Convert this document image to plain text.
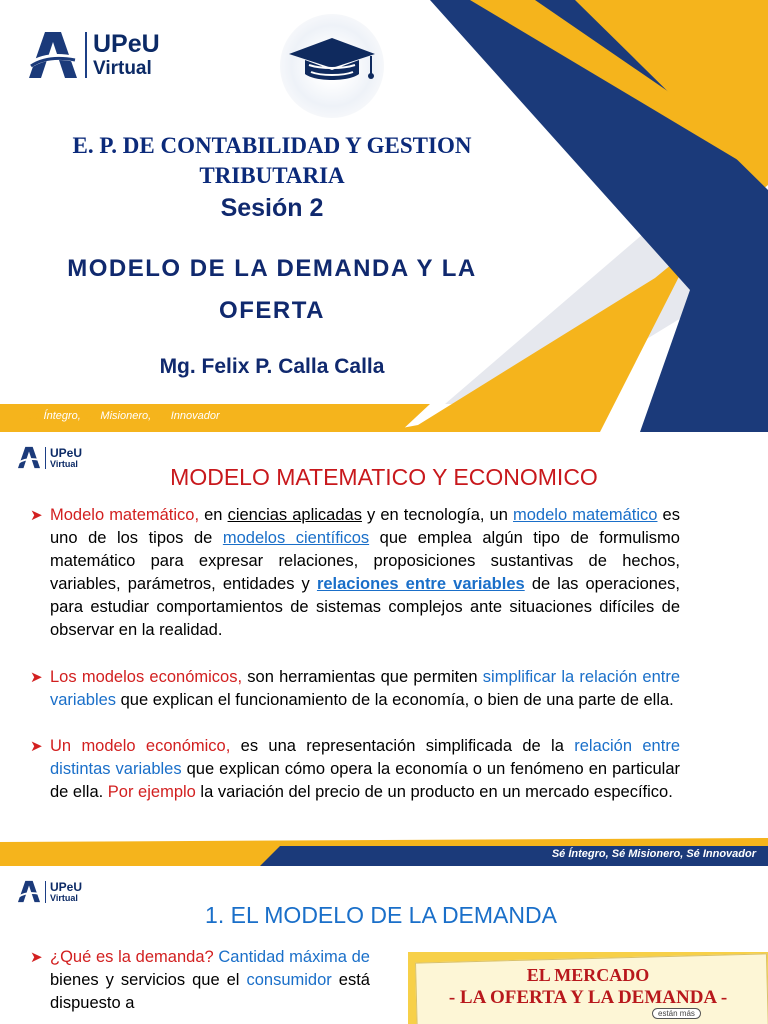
UPeU
Virtual
E. P. DE CONTABILIDAD Y GESTION TRIBUTARIA
Sesión 2
MODELO DE LA DEMANDA Y LA OFERTA
Mg. Felix P. Calla Calla
Sé Íntegro, Sé Misionero, Sé Innovador
UPeU
Virtual
MODELO MATEMATICO Y ECONOMICO
➤ Modelo matemático, en ciencias aplicadas y en tecnología, un modelo matemático es uno de los tipos de modelos científicos que emplea algún tipo de formulismo matemático para expresar relaciones, proposiciones sustantivas de hechos, variables, parámetros, entidades y relaciones entre variables de las operaciones, para estudiar comportamientos de sistemas complejos ante situaciones difíciles de observar en la realidad.
➤ Los modelos económicos, son herramientas que permiten simplificar la relación entre variables que explican el funcionamiento de la economía, o bien de una parte de ella.
➤ Un modelo económico, es una representación simplificada de la relación entre distintas variables que explican cómo opera la economía o un fenómeno en particular de ella. Por ejemplo la variación del precio de un producto en un mercado específico.
Sé Íntegro, Sé Misionero, Sé Innovador
UPeU
Virtual
1. EL MODELO DE LA DEMANDA
➤ ¿Qué es la demanda? Cantidad máxima de bienes y servicios que el consumidor está dispuesto a
EL MERCADO
- LA OFERTA Y LA DEMANDA -
están más
